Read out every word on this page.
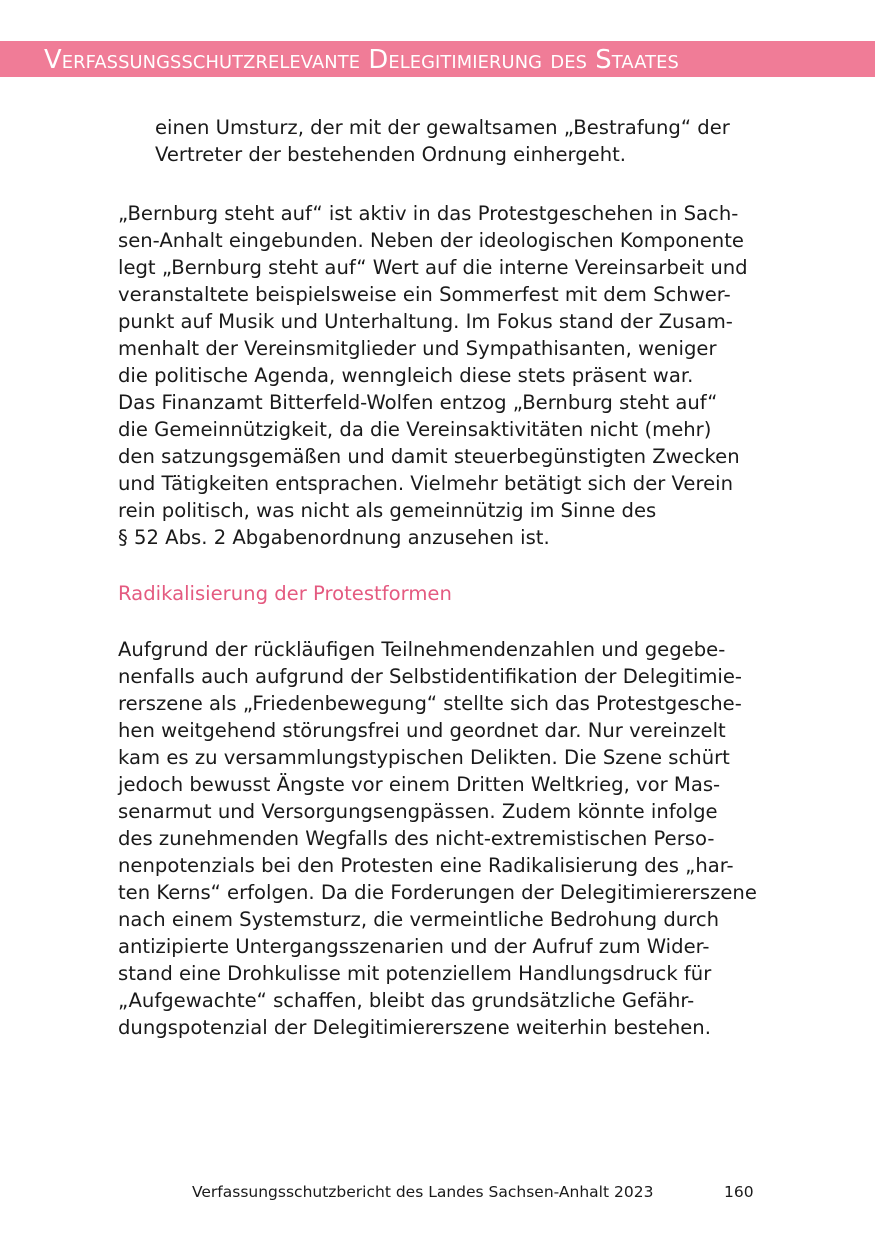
Verfassungsschutzrelevante Delegitimierung des Staates
einen Umsturz, der mit der gewaltsamen „Bestrafung“ der
Vertreter der bestehenden Ordnung einhergeht.
„Bernburg steht auf“ ist aktiv in das Protestgeschehen in Sach-
sen-Anhalt eingebunden. Neben der ideologischen Komponente
legt „Bernburg steht auf“ Wert auf die interne Vereinsarbeit und
veranstaltete beispielsweise ein Sommerfest mit dem Schwer-
punkt auf Musik und Unterhaltung. Im Fokus stand der Zusam-
menhalt der Vereinsmitglieder und Sympathisanten, weniger
die politische Agenda, wenngleich diese stets präsent war.
Das Finanzamt Bitterfeld-Wolfen entzog „Bernburg steht auf“
die Gemeinnützigkeit, da die Vereinsaktivitäten nicht (mehr)
den satzungsgemäßen und damit steuerbegünstigten Zwecken
und Tätigkeiten entsprachen. Vielmehr betätigt sich der Verein
rein politisch, was nicht als gemeinnützig im Sinne des
§ 52 Abs. 2 Abgabenordnung anzusehen ist.
Radikalisierung der Protestformen
Aufgrund der rückläufigen Teilnehmendenzahlen und gegebe-
nenfalls auch aufgrund der Selbstidentifikation der Delegitimie-
rerszene als „Friedenbewegung“ stellte sich das Protestgesche-
hen weitgehend störungsfrei und geordnet dar. Nur vereinzelt
kam es zu versammlungstypischen Delikten. Die Szene schürt
jedoch bewusst Ängste vor einem Dritten Weltkrieg, vor Mas-
senarmut und Versorgungsengpässen. Zudem könnte infolge
des zunehmenden Wegfalls des nicht-extremistischen Perso-
nenpotenzials bei den Protesten eine Radikalisierung des „har-
ten Kerns“ erfolgen. Da die Forderungen der Delegitimiererszene
nach einem Systemsturz, die vermeintliche Bedrohung durch
antizipierte Untergangsszenarien und der Aufruf zum Wider-
stand eine Drohkulisse mit potenziellem Handlungsdruck für
„Aufgewachte“ schaffen, bleibt das grundsätzliche Gefähr-
dungspotenzial der Delegitimiererszene weiterhin bestehen.

Verfassungsschutzbericht des Landes Sachsen-Anhalt 2023	160
